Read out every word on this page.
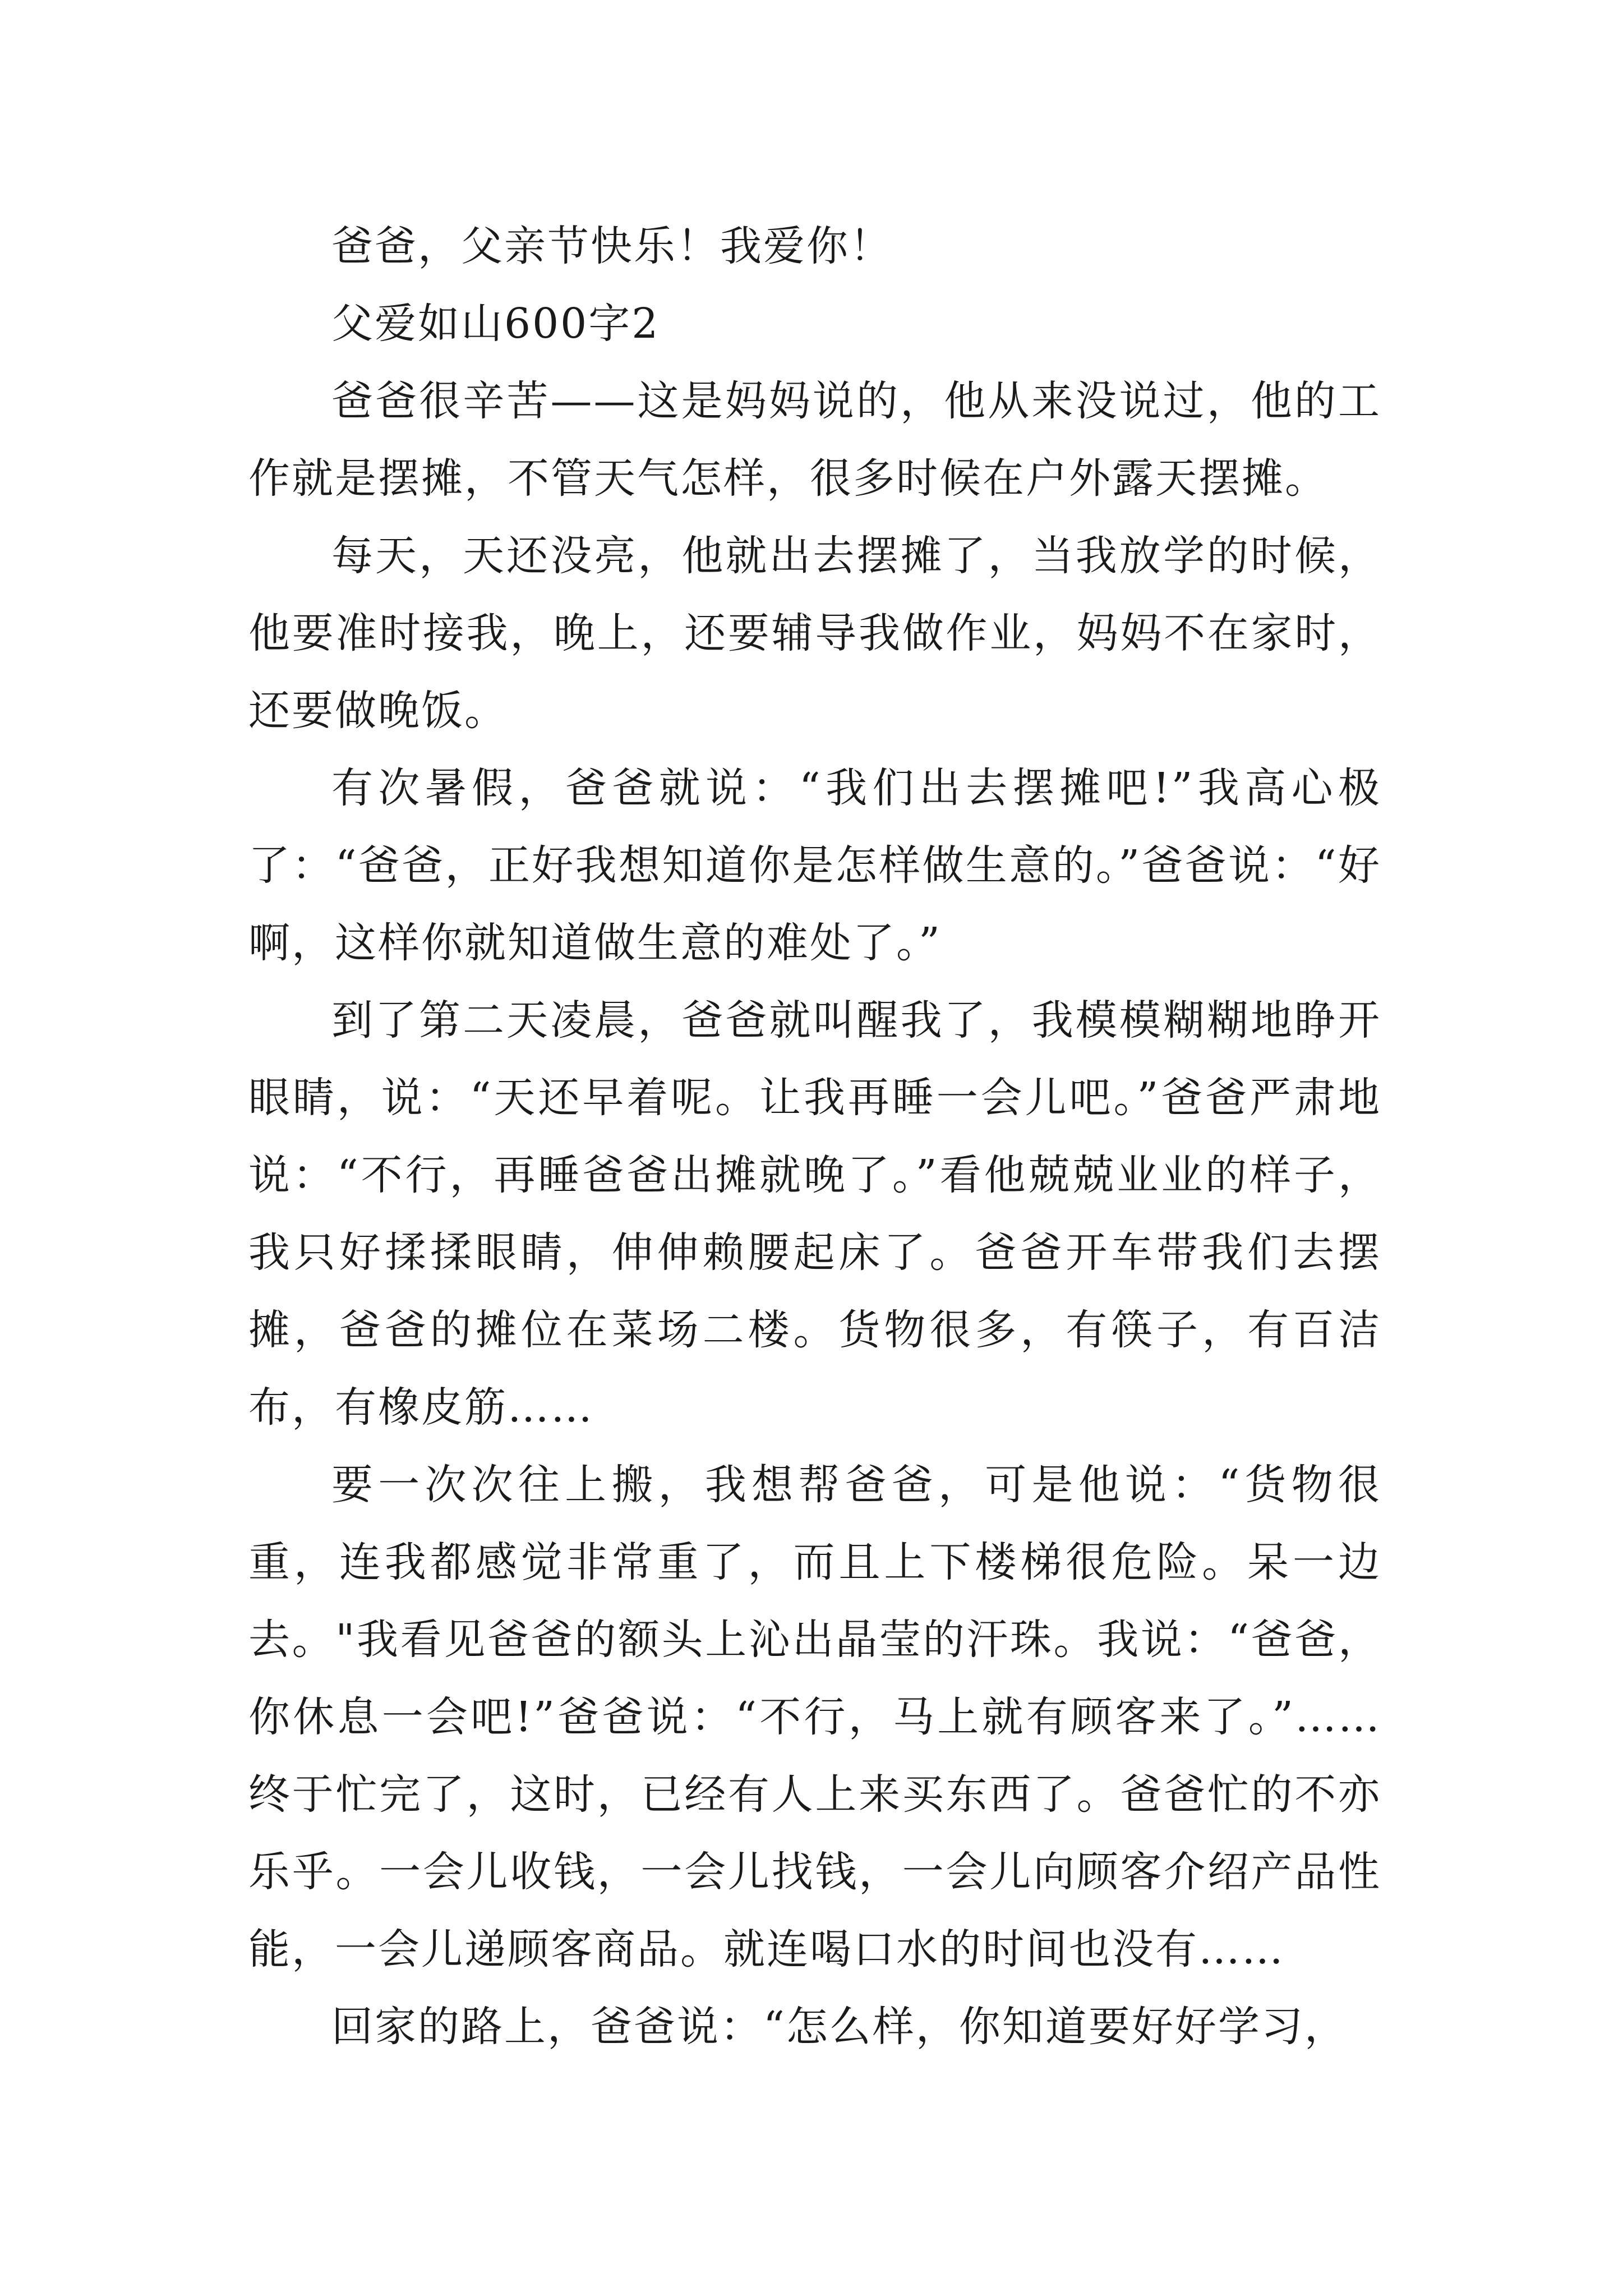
爸爸，父亲节快乐！我爱你！

父爱如山600字2

爸爸很辛苦——这是妈妈说的，他从来没说过，他的工作就是摆摊，不管天气怎样，很多时候在户外露天摆摊。

每天，天还没亮，他就出去摆摊了，当我放学的时候，他要准时接我，晚上，还要辅导我做作业，妈妈不在家时，还要做晚饭。

有次暑假，爸爸就说：“我们出去摆摊吧!”我高心极了：“爸爸，正好我想知道你是怎样做生意的。”爸爸说：“好啊，这样你就知道做生意的难处了。”

到了第二天凌晨，爸爸就叫醒我了，我模模糊糊地睁开眼睛，说：“天还早着呢。让我再睡一会儿吧。”爸爸严肃地说：“不行，再睡爸爸出摊就晚了。”看他兢兢业业的样子，我只好揉揉眼睛，伸伸赖腰起床了。爸爸开车带我们去摆摊，爸爸的摊位在菜场二楼。货物很多，有筷子，有百洁布，有橡皮筋……

要一次次往上搬，我想帮爸爸，可是他说：“货物很重，连我都感觉非常重了，而且上下楼梯很危险。呆一边去。"我看见爸爸的额头上沁出晶莹的汗珠。我说：“爸爸，你休息一会吧!”爸爸说：“不行，马上就有顾客来了。”……终于忙完了，这时，已经有人上来买东西了。爸爸忙的不亦乐乎。一会儿收钱，一会儿找钱，一会儿向顾客介绍产品性能，一会儿递顾客商品。就连喝口水的时间也没有……

回家的路上，爸爸说：“怎么样，你知道要好好学习，
